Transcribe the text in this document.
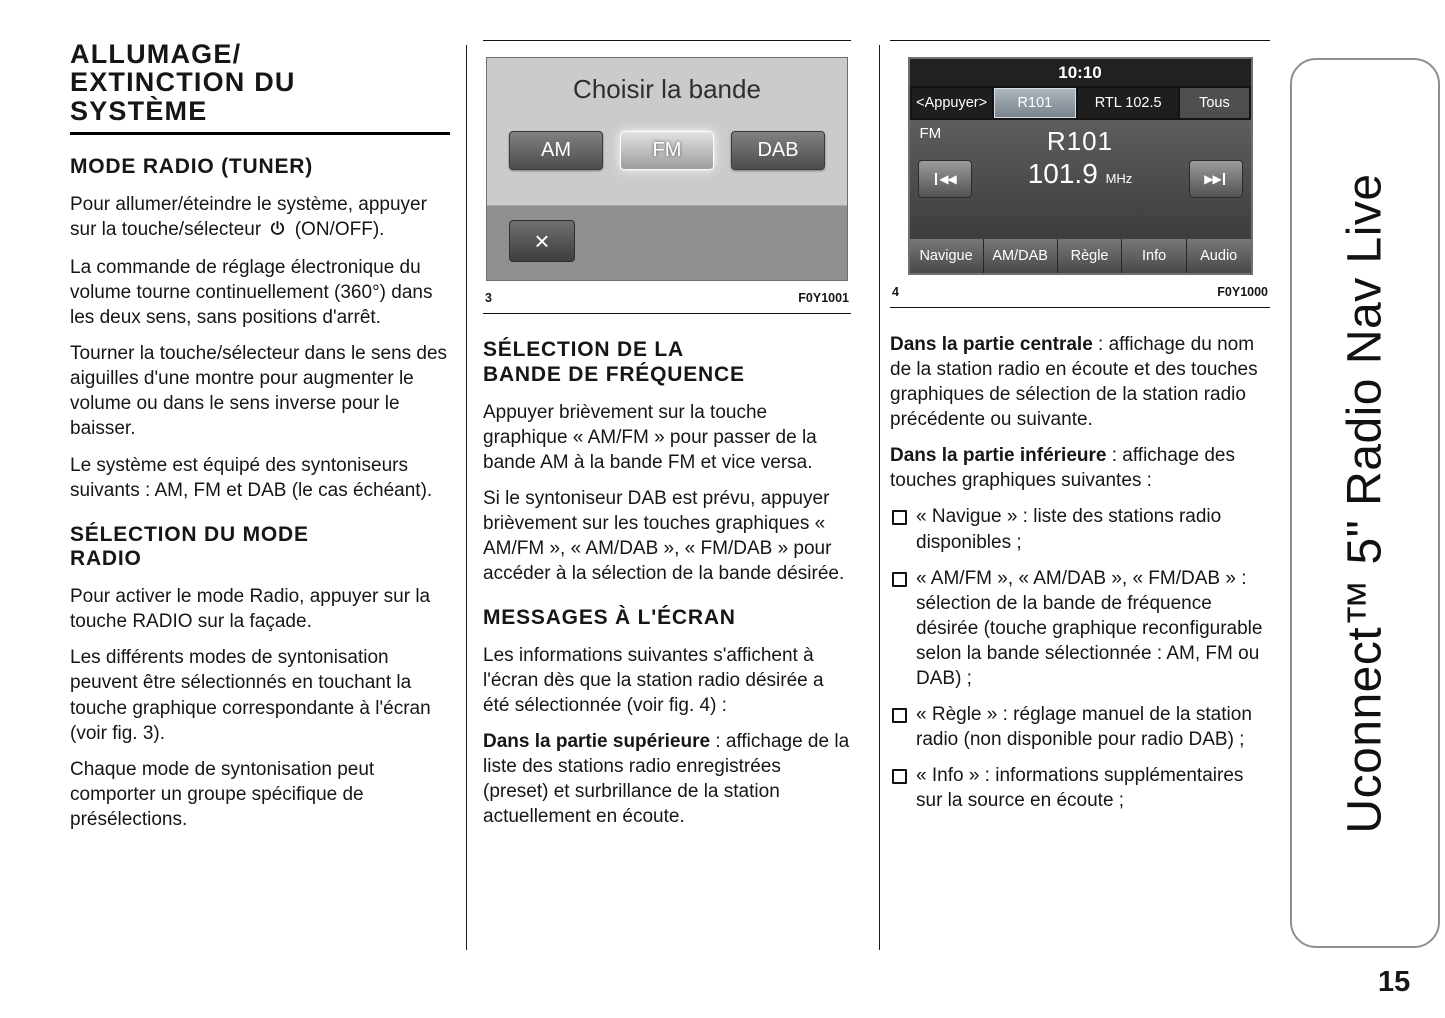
ALLUMAGE/
EXTINCTION DU
SYSTÈME
MODE RADIO (TUNER)

Pour allumer/éteindre le système, appuyer sur la touche/sélecteur (ON/OFF).

La commande de réglage électronique du volume tourne continuellement (360°) dans les deux sens, sans positions d'arrêt.

Tourner la touche/sélecteur dans le sens des aiguilles d'une montre pour augmenter le volume ou dans le sens inverse pour le baisser.

Le système est équipé des syntoniseurs suivants : AM, FM et DAB (le cas échéant).

SÉLECTION DU MODE
RADIO

Pour activer le mode Radio, appuyer sur la touche RADIO sur la façade.

Les différents modes de syntonisation peuvent être sélectionnés en touchant la touche graphique correspondante à l'écran (voir fig. 3).

Chaque mode de syntonisation peut comporter un groupe spécifique de présélections.

Choisir la bande
AM	FM	DAB
×
3	F0Y1001
SÉLECTION DE LA
BANDE DE FRÉQUENCE

Appuyer brièvement sur la touche graphique « AM/FM » pour passer de la bande AM à la bande FM et vice versa.

Si le syntoniseur DAB est prévu, appuyer brièvement sur les touches graphiques « AM/FM », « AM/DAB », « FM/DAB » pour accéder à la sélection de la bande désirée.

MESSAGES À L'ÉCRAN

Les informations suivantes s'affichent à l'écran dès que la station radio désirée a été sélectionnée (voir fig. 4) :

Dans la partie supérieure : affichage de la liste des stations radio enregistrées (preset) et surbrillance de la station actuellement en écoute.

10:10
<Appuyer>	R101	RTL 102.5	Tous
FM	R101
101.9 MHz
◀◀	▶▶
Navigue	AM/DAB	Règle	Info	Audio
4	F0Y1000

Dans la partie centrale : affichage du nom de la station radio en écoute et des touches graphiques de sélection de la station radio précédente ou suivante.

Dans la partie inférieure : affichage des touches graphiques suivantes :

« Navigue » : liste des stations radio disponibles ;
« AM/FM », « AM/DAB », « FM/DAB » : sélection de la bande de fréquence désirée (touche graphique reconfigurable selon la bande sélectionnée : AM, FM ou DAB) ;
« Règle » : réglage manuel de la station radio (non disponible pour radio DAB) ;
« Info » : informations supplémentaires sur la source en écoute ;	Uconnect™ 5" Radio Nav Live
15
